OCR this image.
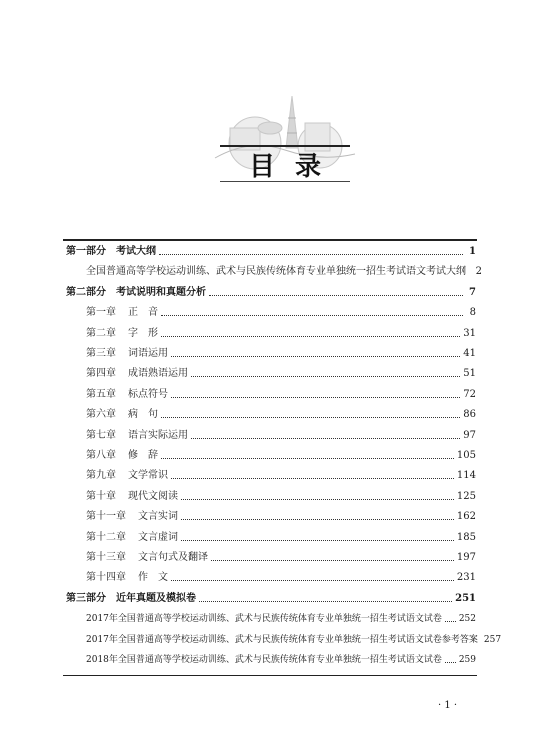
目录
第一部分 考试大纲	1
全国普通高等学校运动训练、武术与民族传统体育专业单独统一招生考试语文考试大纲 2
第二部分 考试说明和真题分析	7
第一章 正　音	8
第二章 字　形	31
第三章 词语运用	41
第四章 成语熟语运用	51
第五章 标点符号	72
第六章 病　句	86
第七章 语言实际运用	97
第八章 修　辞	105
第九章 文学常识	114
第十章 现代文阅读	125
第十一章 文言实词	162
第十二章 文言虚词	185
第十三章 文言句式及翻译	197
第十四章 作　文	231
第三部分 近年真题及模拟卷	251
2017年全国普通高等学校运动训练、武术与民族传统体育专业单独统一招生考试语文试卷 252
2017年全国普通高等学校运动训练、武术与民族传统体育专业单独统一招生考试语文试卷参考答案 257
2018年全国普通高等学校运动训练、武术与民族传统体育专业单独统一招生考试语文试卷 259
· 1 ·
